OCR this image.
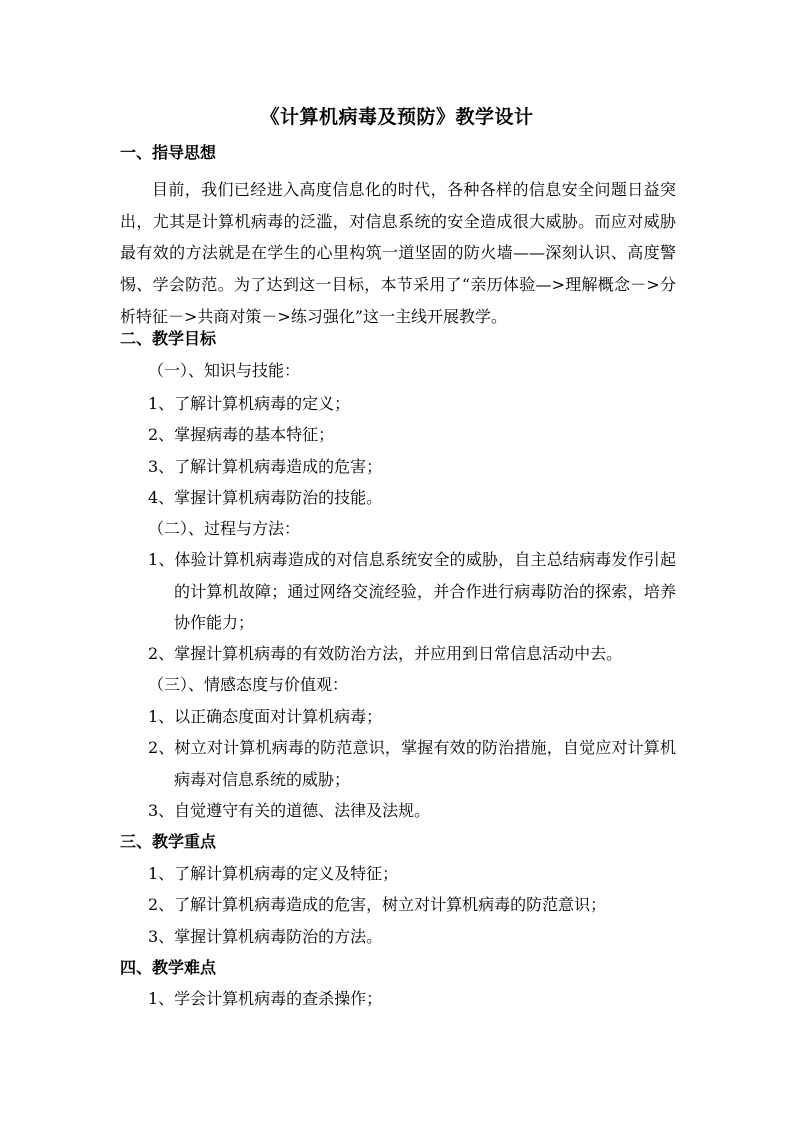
《计算机病毒及预防》教学设计
一、指导思想
目前，我们已经进入高度信息化的时代，各种各样的信息安全问题日益突出，尤其是计算机病毒的泛滥，对信息系统的安全造成很大威胁。而应对威胁最有效的方法就是在学生的心里构筑一道坚固的防火墙——深刻认识、高度警惕、学会防范。为了达到这一目标，本节采用了“亲历体验—>理解概念－>分析特征－>共商对策－>练习强化”这一主线开展教学。
二、教学目标
（一）、知识与技能：
1、了解计算机病毒的定义；
2、掌握病毒的基本特征；
3、了解计算机病毒造成的危害；
4、掌握计算机病毒防治的技能。
（二）、过程与方法：
1、体验计算机病毒造成的对信息系统安全的威胁，自主总结病毒发作引起的计算机故障；通过网络交流经验，并合作进行病毒防治的探索，培养协作能力；
2、掌握计算机病毒的有效防治方法，并应用到日常信息活动中去。
（三）、情感态度与价值观：
1、以正确态度面对计算机病毒；
2、树立对计算机病毒的防范意识，掌握有效的防治措施，自觉应对计算机病毒对信息系统的威胁；
3、自觉遵守有关的道德、法律及法规。
三、教学重点
1、了解计算机病毒的定义及特征；
2、了解计算机病毒造成的危害，树立对计算机病毒的防范意识；
3、掌握计算机病毒防治的方法。
四、教学难点
1、学会计算机病毒的查杀操作；
